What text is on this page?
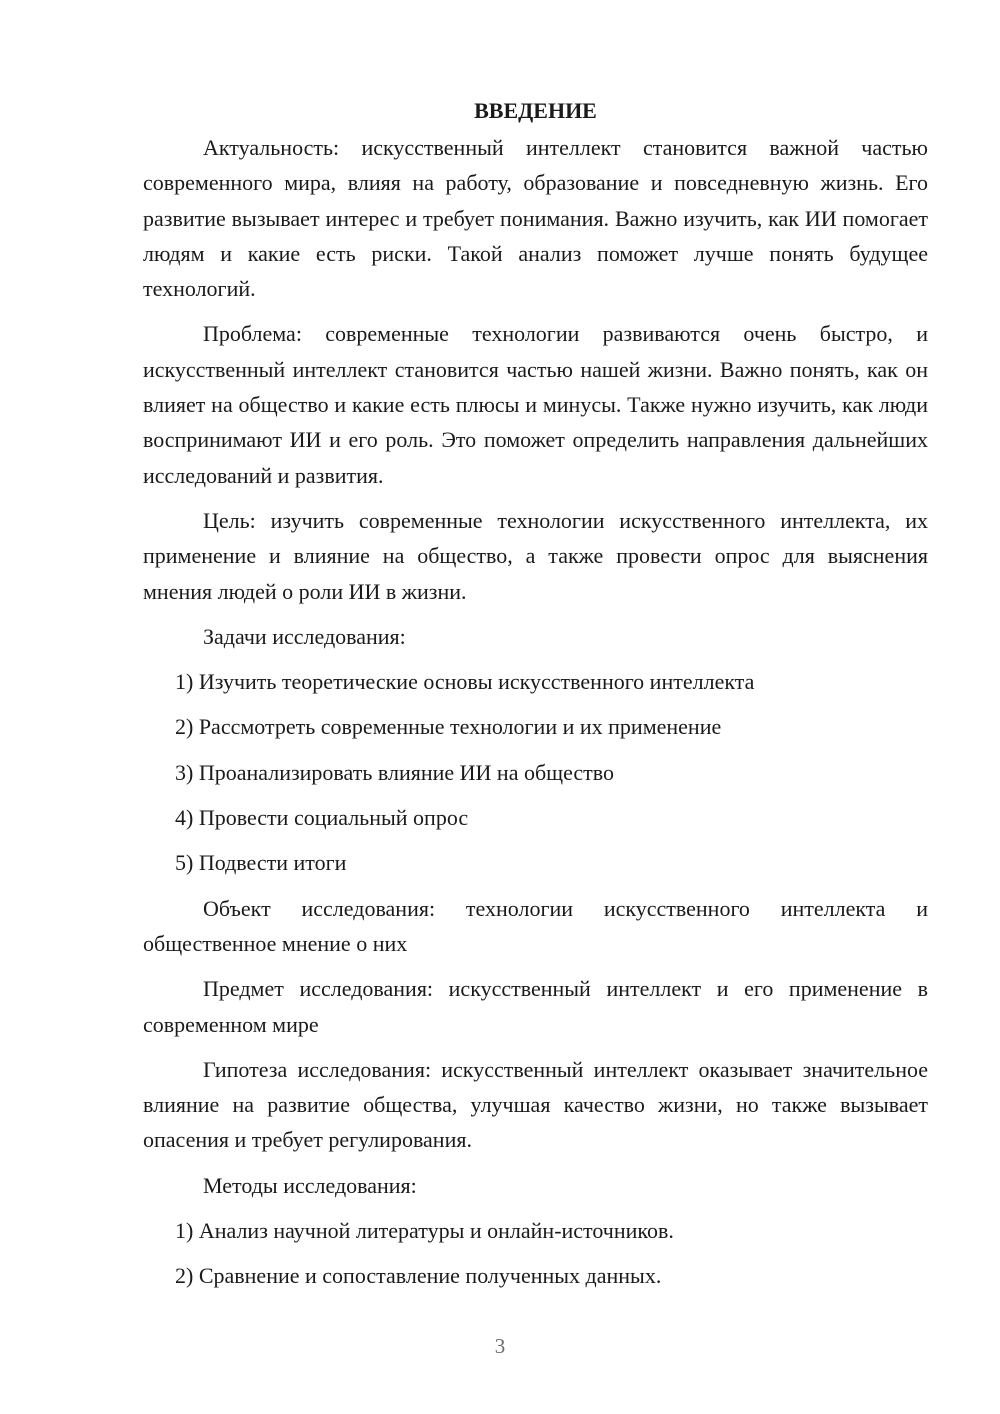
ВВЕДЕНИЕ

Актуальность: искусственный интеллект становится важной частью современного мира, влияя на работу, образование и повседневную жизнь. Его развитие вызывает интерес и требует понимания. Важно изучить, как ИИ помогает людям и какие есть риски. Такой анализ поможет лучше понять будущее технологий.

Проблема: современные технологии развиваются очень быстро, и искусственный интеллект становится частью нашей жизни. Важно понять, как он влияет на общество и какие есть плюсы и минусы. Также нужно изучить, как люди воспринимают ИИ и его роль. Это поможет определить направления дальнейших исследований и развития.

Цель: изучить современные технологии искусственного интеллекта, их применение и влияние на общество, а также провести опрос для выяснения мнения людей о роли ИИ в жизни.

Задачи исследования:

1) Изучить теоретические основы искусственного интеллекта
2) Рассмотреть современные технологии и их применение
3) Проанализировать влияние ИИ на общество
4) Провести социальный опрос
5) Подвести итоги

Объект исследования: технологии искусственного интеллекта и общественное мнение о них

Предмет исследования: искусственный интеллект и его применение в современном мире

Гипотеза исследования: искусственный интеллект оказывает значительное влияние на развитие общества, улучшая качество жизни, но также вызывает опасения и требует регулирования.

Методы исследования:

1) Анализ научной литературы и онлайн-источников.
2) Сравнение и сопоставление полученных данных.
3
